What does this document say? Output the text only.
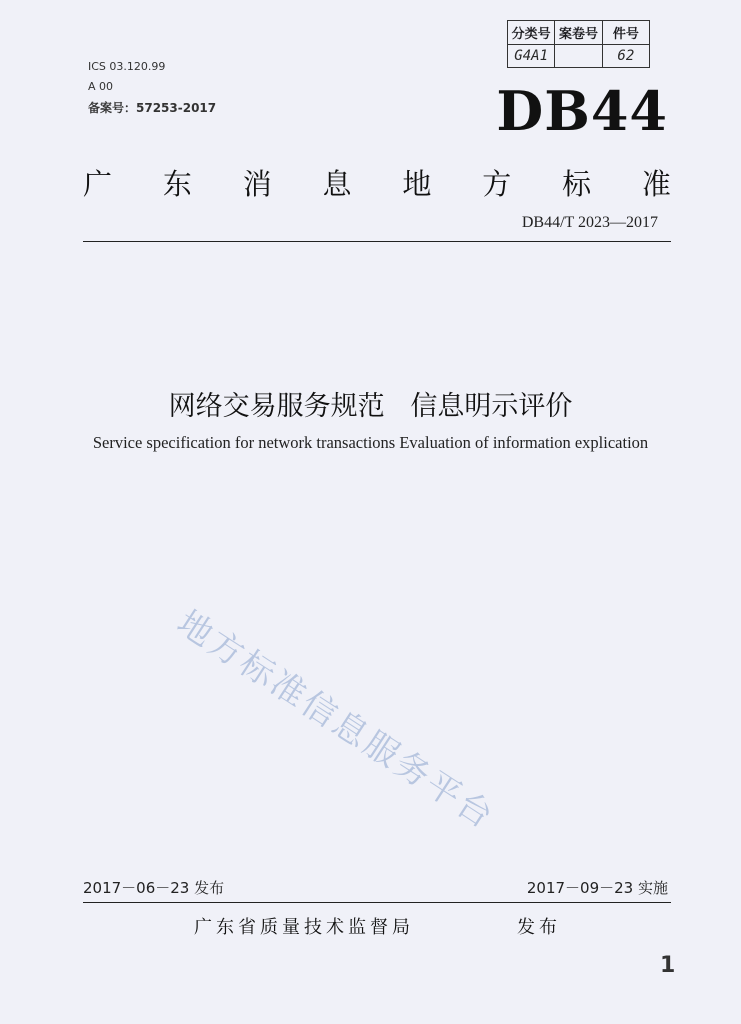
分类号	案卷号	件号
G4A1		62
ICS 03.120.99
A 00
备案号：57253-2017	DB44
广 东 消 息 地 方 标 准
DB44/T 2023—2017
网络交易服务规范   信息明示评价
Service specification for network transactions Evaluation of information explication
地方标准信息服务平台
2017－06－23 发布	2017－09－23 实施
广东省质量技术监督局	发布
1
